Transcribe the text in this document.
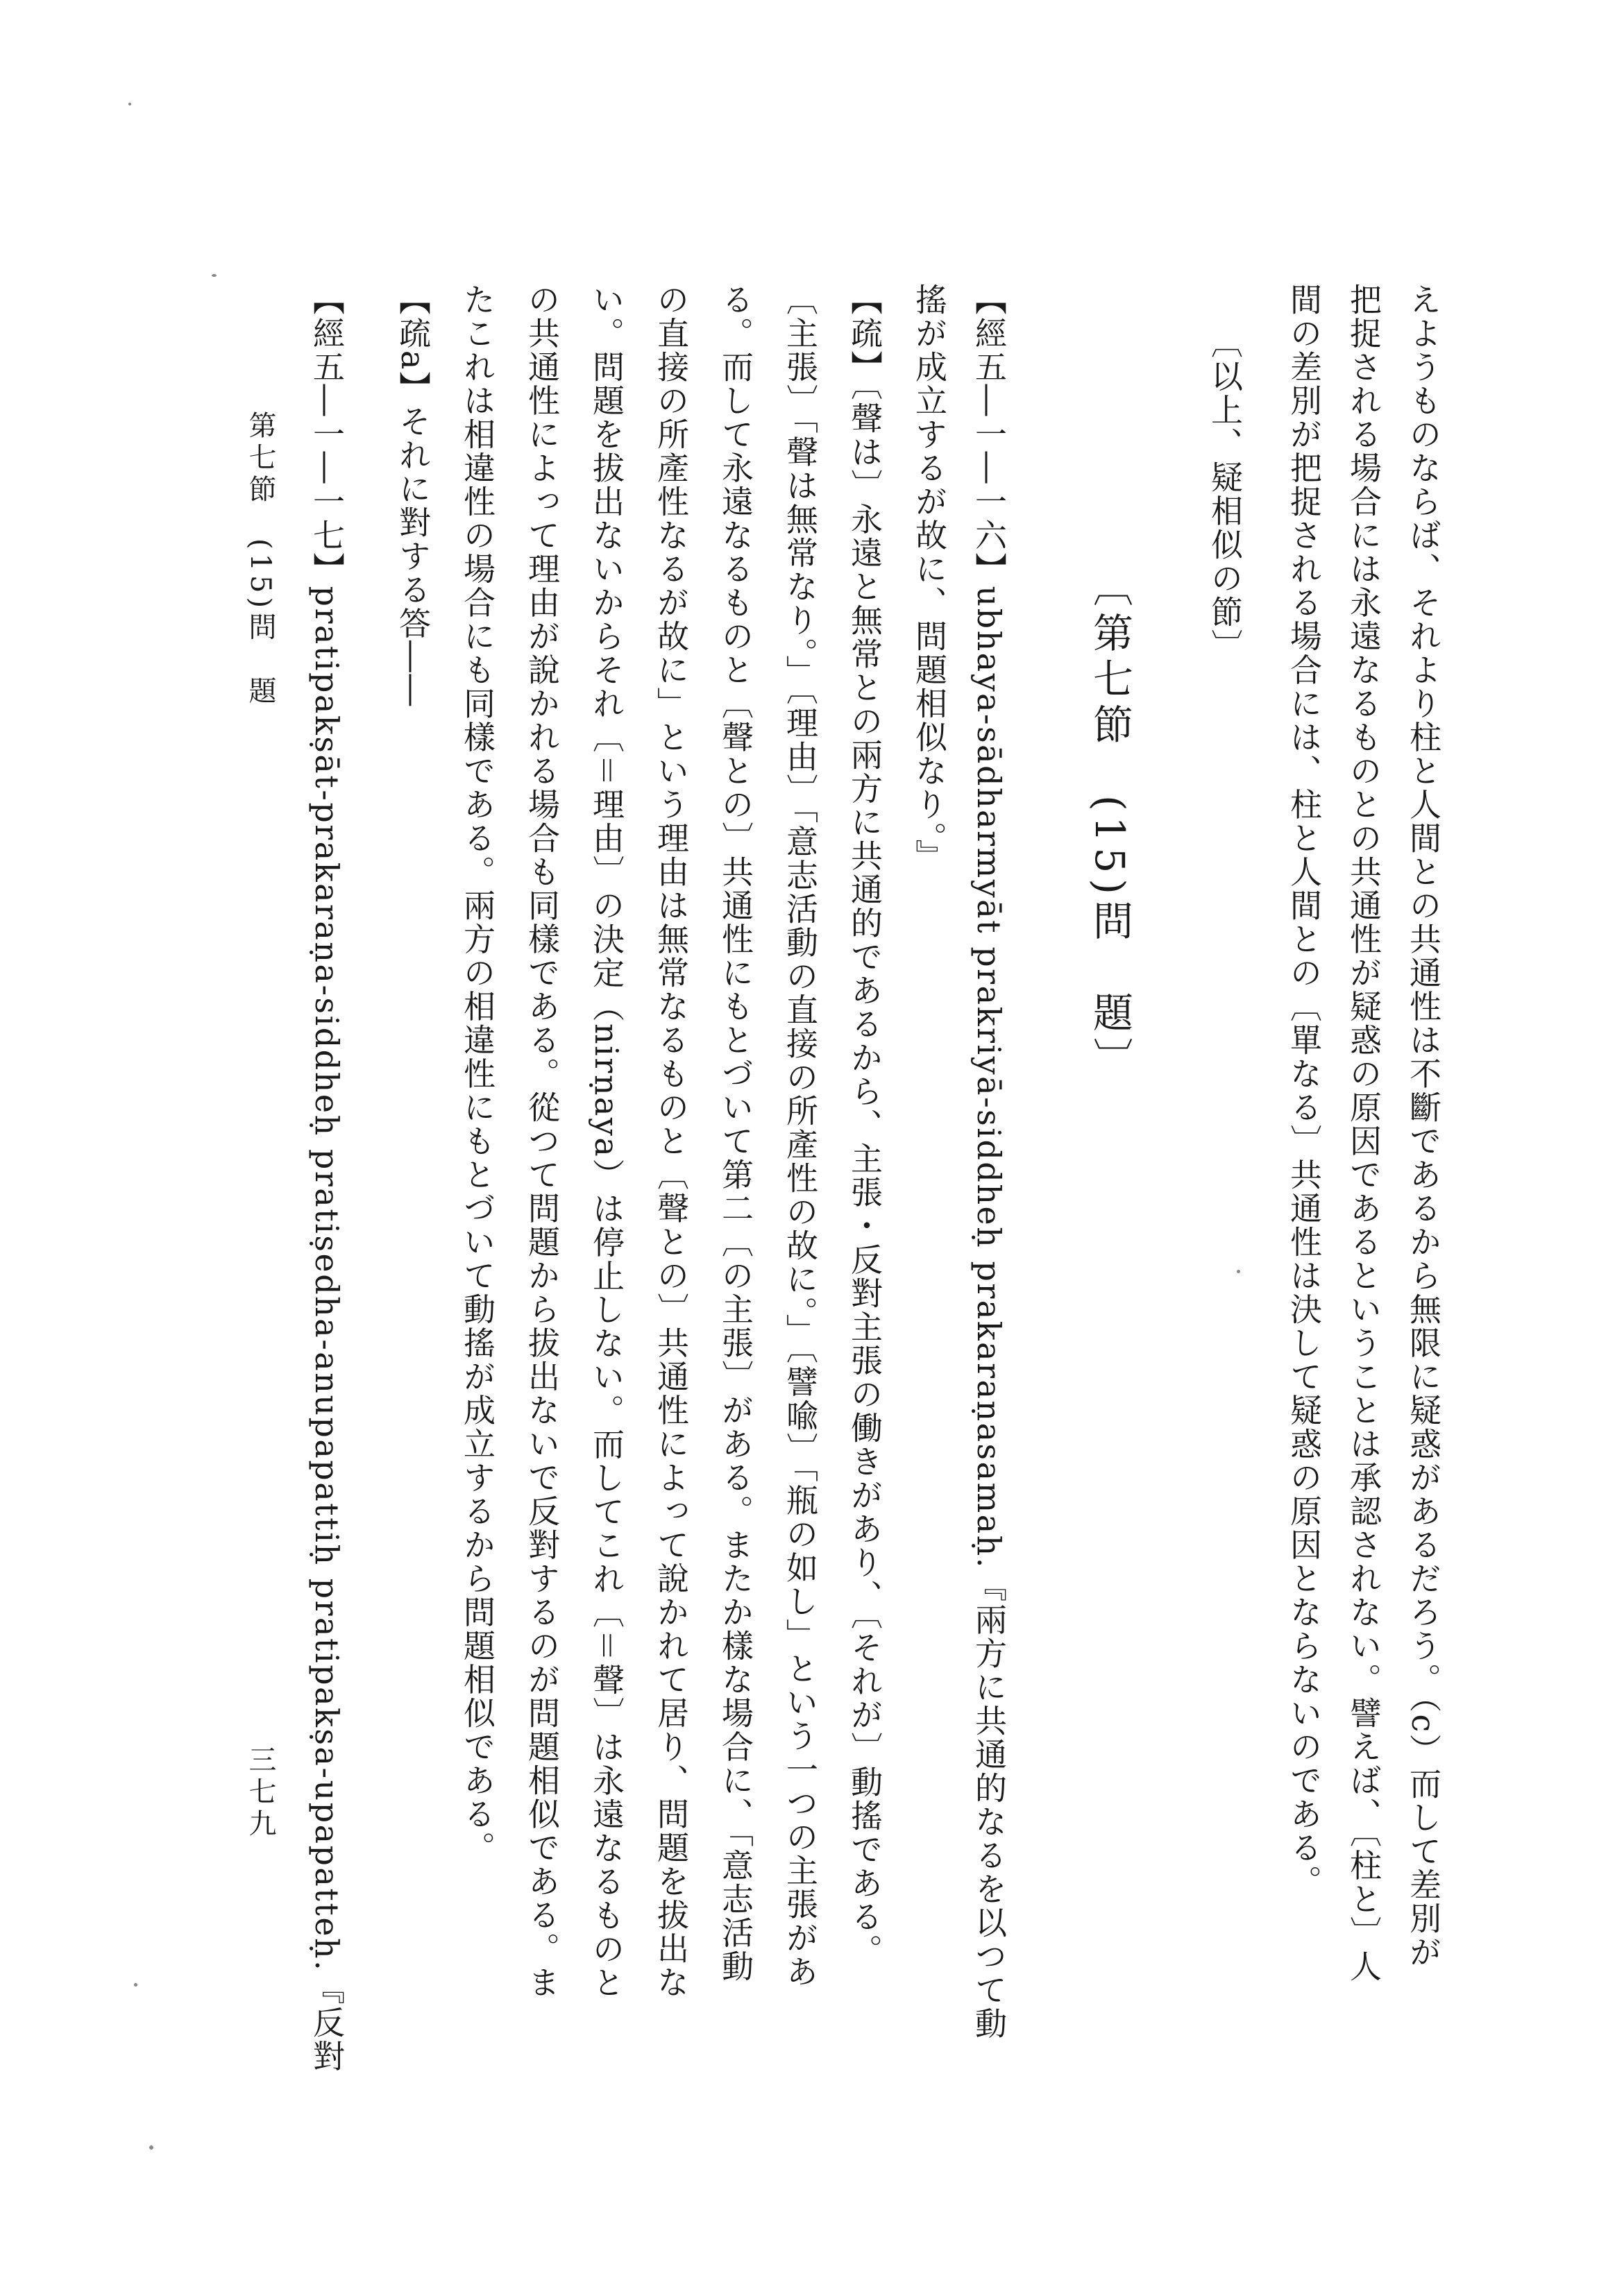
えようものならば、それより柱と人間との共通性は不斷であるから無限に疑惑があるだろう。（c）而して差別が
把捉される場合には永遠なるものとの共通性が疑惑の原因であるということは承認されない。譬えば、〔柱と〕人
間の差別が把捉される場合には、柱と人間との〔單なる〕共通性は決して疑惑の原因とならないのである。
〔以上、疑相似の節〕
〔第七節　(15)問　題〕
【經五―一―一六】ubhaya-sādharmyāt prakriyā-siddheḥ prakaraṇasamaḥ.『兩方に共通的なるを以つて動
搖が成立するが故に、問題相似なり。』
【疏】〔聲は〕永遠と無常との兩方に共通的であるから、主張・反對主張の働きがあり、〔それが〕動搖である。
〔主張〕「聲は無常なり。」〔理由〕「意志活動の直接の所產性の故に。」〔譬喩〕「瓶の如し」という一つの主張があ
る。而して永遠なるものと〔聲との〕共通性にもとづいて第二〔の主張〕がある。またか樣な場合に、「意志活動
の直接の所產性なるが故に」という理由は無常なるものと〔聲との〕共通性によって說かれて居り、問題を拔出な
い。問題を拔出ないからそれ〔＝理由〕の決定（nirṇaya）は停止しない。而してこれ〔＝聲〕は永遠なるものと
の共通性によって理由が說かれる場合も同樣である。從つて問題から拔出ないで反對するのが問題相似である。ま
たこれは相違性の場合にも同樣である。兩方の相違性にもとづいて動搖が成立するから問題相似である。
【疏a】それに對する答――
【經五―一―一七】pratipakṣāt-prakaraṇa-siddheḥ pratiṣedha-anupapattiḥ pratipakṣa-upapatteḥ.『反對
第七節　(15)問　題
三七九
